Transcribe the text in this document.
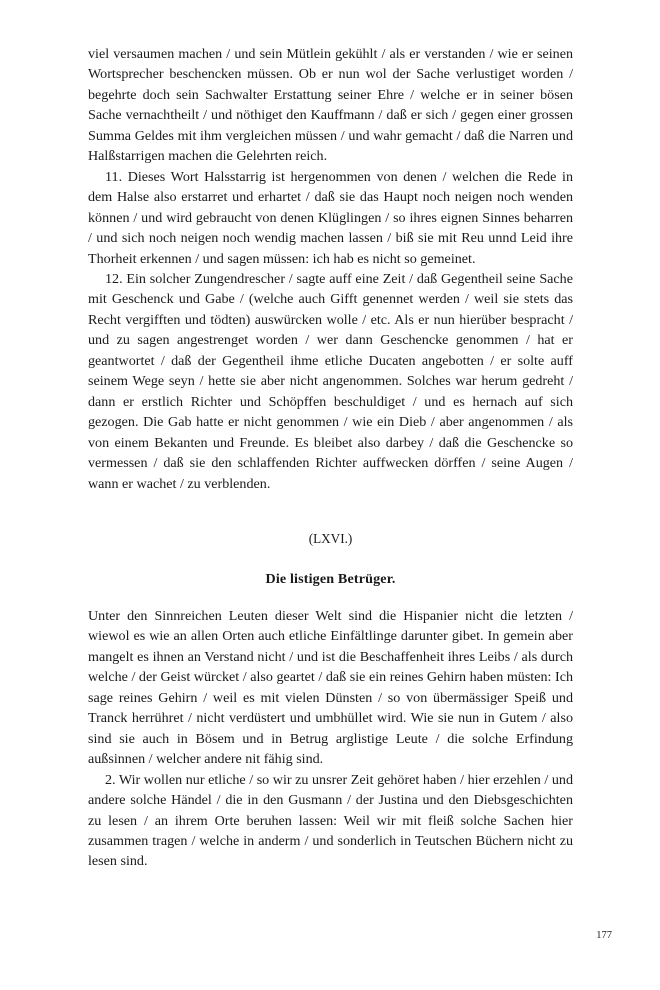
viel versaumen machen / und sein Mütlein gekühlt / als er verstanden / wie er seinen Wortsprecher beschencken müssen. Ob er nun wol der Sache verlustiget worden / begehrte doch sein Sachwalter Erstattung seiner Ehre / welche er in seiner bösen Sache vernachtheilt / und nöthiget den Kauffmann / daß er sich / gegen einer grossen Summa Geldes mit ihm vergleichen müssen / und wahr gemacht / daß die Narren und Halßstarrigen machen die Gelehrten reich.

11. Dieses Wort Halsstarrig ist hergenommen von denen / welchen die Rede in dem Halse also erstarret und erhartet / daß sie das Haupt noch neigen noch wenden können / und wird gebraucht von denen Klüglingen / so ihres eignen Sinnes beharren / und sich noch neigen noch wendig machen lassen / biß sie mit Reu unnd Leid ihre Thorheit erkennen / und sagen müssen: ich hab es nicht so gemeinet.

12. Ein solcher Zungendrescher / sagte auff eine Zeit / daß Gegentheil seine Sache mit Geschenck und Gabe / (welche auch Gifft genennet werden / weil sie stets das Recht vergifften und tödten) auswürcken wolle / etc. Als er nun hierüber bespracht / und zu sagen angestrenget worden / wer dann Geschencke genommen / hat er geantwortet / daß der Gegentheil ihme etliche Ducaten angebotten / er solte auff seinem Wege seyn / hette sie aber nicht angenommen. Solches war herum gedreht / dann er erstlich Richter und Schöpffen beschuldiget / und es hernach auf sich gezogen. Die Gab hatte er nicht genommen / wie ein Dieb / aber angenommen / als von einem Bekanten und Freunde. Es bleibet also darbey / daß die Geschencke so vermessen / daß sie den schlaffenden Richter auffwecken dörffen / seine Augen / wann er wachet / zu verblenden.

(LXVI.)

Die listigen Betrüger.

Unter den Sinnreichen Leuten dieser Welt sind die Hispanier nicht die letzten / wiewol es wie an allen Orten auch etliche Einfältlinge darunter gibet. In gemein aber mangelt es ihnen an Verstand nicht / und ist die Beschaffenheit ihres Leibs / als durch welche / der Geist würcket / also geartet / daß sie ein reines Gehirn haben müsten: Ich sage reines Gehirn / weil es mit vielen Dünsten / so von übermässiger Speiß und Tranck herrühret / nicht verdüstert und umbhüllet wird. Wie sie nun in Gutem / also sind sie auch in Bösem und in Betrug arglistige Leute / die solche Erfindung außsinnen / welcher andere nit fähig sind.

2. Wir wollen nur etliche / so wir zu unsrer Zeit gehöret haben / hier erzehlen / und andere solche Händel / die in den Gusmann / der Justina und den Diebsgeschichten zu lesen / an ihrem Orte beruhen lassen: Weil wir mit fleiß solche Sachen hier zusammen tragen / welche in anderm / und sonderlich in Teutschen Büchern nicht zu lesen sind.

177
